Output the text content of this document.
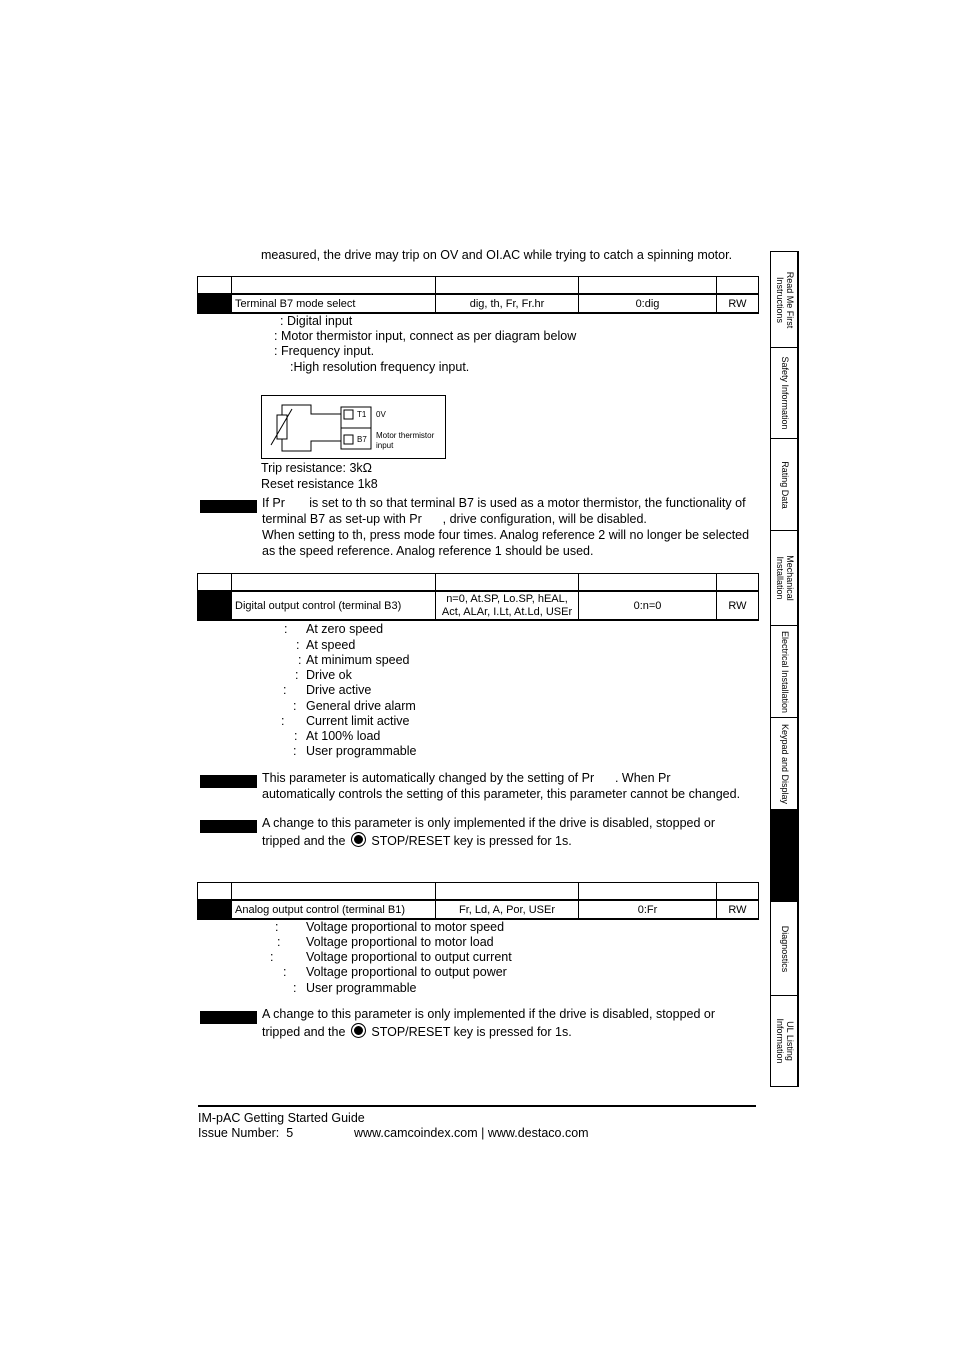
measured, the drive may trip on OV and OI.AC while trying to catch a spinning motor.

	Terminal B7 mode select	dig, th, Fr, Fr.hr	0:dig	RW
: Digital input
: Motor thermistor input, connect as per diagram below
: Frequency input.
:High resolution frequency input.
T1
B7
0V
Motor thermistor
input
Trip resistance: 3kΩ
Reset resistance 1k8
If Pr       is set to th so that terminal B7 is used as a motor thermistor, the functionality of
terminal B7 as set-up with Pr      , drive configuration, will be disabled.
When setting to th, press mode four times. Analog reference 2 will no longer be selected
as the speed reference. Analog reference 1 should be used.

	Digital output control (terminal B3)	n=0, At.SP, Lo.SP, hEAL,
Act, ALAr, I.Lt, At.Ld, USEr	0:n=0	RW
: At zero speed
: At speed
: At minimum speed
: Drive ok
: Drive active
: General drive alarm
: Current limit active
: At 100% load
: User programmable
This parameter is automatically changed by the setting of Pr      . When Pr
automatically controls the setting of this parameter, this parameter cannot be changed.
A change to this parameter is only implemented if the drive is disabled, stopped or
tripped and the STOP/RESET key is pressed for 1s.

	Analog output control (terminal B1)	Fr, Ld, A, Por, USEr	0:Fr	RW
: Voltage proportional to motor speed
: Voltage proportional to motor load
:	Voltage proportional to output current
: Voltage proportional to output power
: User programmable
A change to this parameter is only implemented if the drive is disabled, stopped or
tripped and the STOP/RESET key is pressed for 1s.
Read Me First
Instructions
Safety Information
Rating Data
Mechanical
Installation
Electrical Installation
Keypad and Display
Diagnostics
UL Listing
Information
IM-pAC Getting Started Guide
Issue Number:  5	www.camcoindex.com | www.destaco.com
